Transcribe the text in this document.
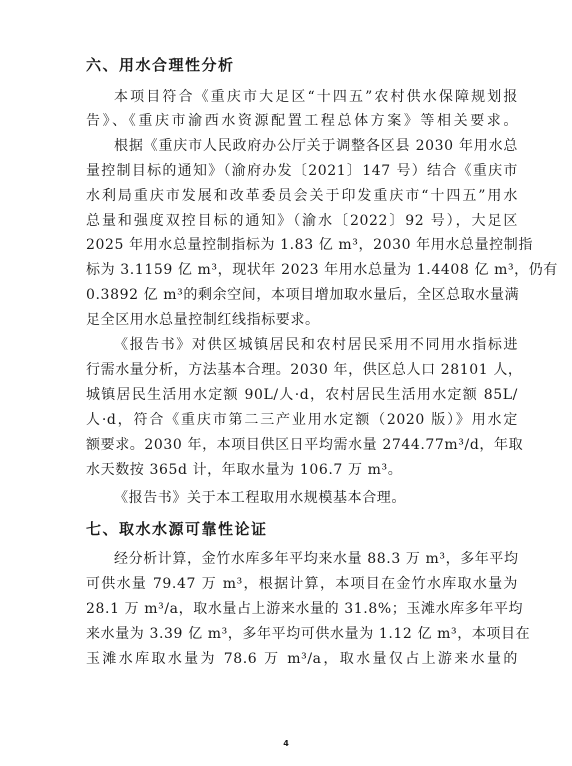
六、用水合理性分析
本项目符合《重庆市大足区“十四五”农村供水保障规划报
告》、《重庆市渝西水资源配置工程总体方案》等相关要求。
根据《重庆市人民政府办公厅关于调整各区县 2030 年用水总
量控制目标的通知》（渝府办发〔2021〕147 号）结合《重庆市
水利局重庆市发展和改革委员会关于印发重庆市“十四五”用水
总量和强度双控目标的通知》（渝水〔2022〕92 号），大足区
2025 年用水总量控制指标为 1.83 亿 m³，2030 年用水总量控制指
标为 3.1159 亿 m³，现状年 2023 年用水总量为 1.4408 亿 m³，仍有
0.3892 亿 m³的剩余空间，本项目增加取水量后，全区总取水量满
足全区用水总量控制红线指标要求。
《报告书》对供区城镇居民和农村居民采用不同用水指标进
行需水量分析，方法基本合理。2030 年，供区总人口 28101 人，
城镇居民生活用水定额 90L/人·d，农村居民生活用水定额 85L/
人·d，符合《重庆市第二三产业用水定额（2020 版）》用水定
额要求。2030 年，本项目供区日平均需水量 2744.77m³/d，年取
水天数按 365d 计，年取水量为 106.7 万 m³。
《报告书》关于本工程取用水规模基本合理。
七、取水水源可靠性论证
经分析计算，金竹水库多年平均来水量 88.3 万 m³，多年平均
可供水量 79.47 万 m³，根据计算，本项目在金竹水库取水量为
28.1 万 m³/a，取水量占上游来水量的 31.8%；玉滩水库多年平均
来水量为 3.39 亿 m³，多年平均可供水量为 1.12 亿 m³，本项目在
玉滩水库取水量为 78.6 万 m³/a，取水量仅占上游来水量的
4
